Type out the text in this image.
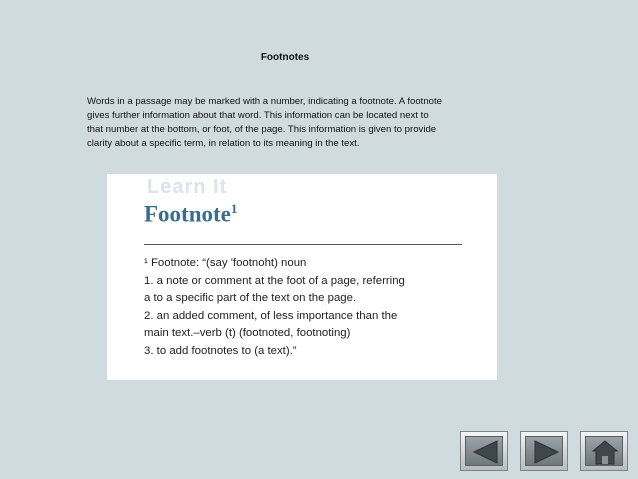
Footnotes
Words in a passage may be marked with a number, indicating a footnote. A footnote
gives further information about that word. This information can be located next to
that number at the bottom, or foot, of the page. This information is given to provide
clarity about a specific term, in relation to its meaning in the text.
Learn It
Footnote$^1$
¹ Footnote: “(say 'footnoht) noun
1. a note or comment at the foot of a page, referring
a to a specific part of the text on the page.
2. an added comment, of less importance than the
main text.–verb (t) (footnoted, footnoting)
3. to add footnotes to (a text).”
